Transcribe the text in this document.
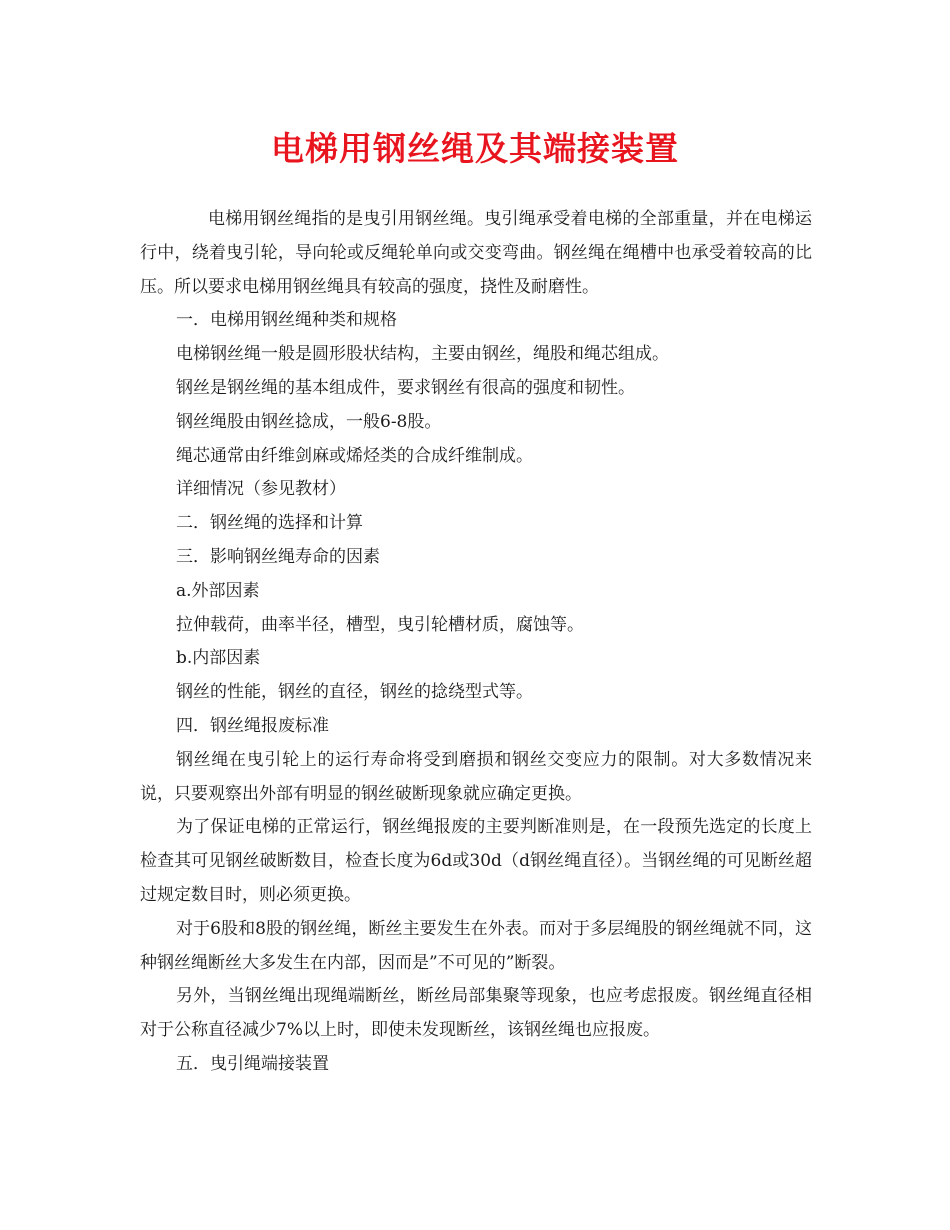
电梯用钢丝绳及其端接装置

电梯用钢丝绳指的是曳引用钢丝绳。曳引绳承受着电梯的全部重量，并在电梯运行中，绕着曳引轮，导向轮或反绳轮单向或交变弯曲。钢丝绳在绳槽中也承受着较高的比压。所以要求电梯用钢丝绳具有较高的强度，挠性及耐磨性。

一．电梯用钢丝绳种类和规格

电梯钢丝绳一般是圆形股状结构，主要由钢丝，绳股和绳芯组成。

钢丝是钢丝绳的基本组成件，要求钢丝有很高的强度和韧性。

钢丝绳股由钢丝捻成，一般6-8股。

绳芯通常由纤维剑麻或烯烃类的合成纤维制成。

详细情况（参见教材）

二．钢丝绳的选择和计算

三．影响钢丝绳寿命的因素

a.外部因素

拉伸载荷，曲率半径，槽型，曳引轮槽材质，腐蚀等。

b.内部因素

钢丝的性能，钢丝的直径，钢丝的捻绕型式等。

四．钢丝绳报废标准

钢丝绳在曳引轮上的运行寿命将受到磨损和钢丝交变应力的限制。对大多数情况来说，只要观察出外部有明显的钢丝破断现象就应确定更换。

为了保证电梯的正常运行，钢丝绳报废的主要判断准则是，在一段预先选定的长度上检查其可见钢丝破断数目，检查长度为6d或30d（d钢丝绳直径）。当钢丝绳的可见断丝超过规定数目时，则必须更换。

对于6股和8股的钢丝绳，断丝主要发生在外表。而对于多层绳股的钢丝绳就不同，这种钢丝绳断丝大多发生在内部，因而是”不可见的”断裂。

另外，当钢丝绳出现绳端断丝，断丝局部集聚等现象，也应考虑报废。钢丝绳直径相对于公称直径减少7%以上时，即使未发现断丝，该钢丝绳也应报废。

五．曳引绳端接装置
